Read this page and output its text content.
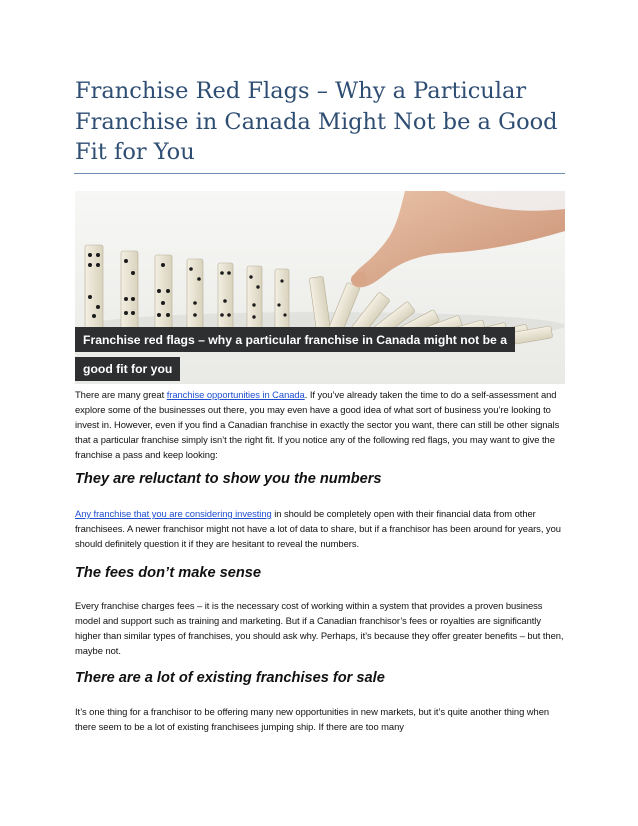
Franchise Red Flags – Why a Particular Franchise in Canada Might Not be a Good Fit for You
Franchise red flags – why a particular franchise in Canada might not be a
good fit for you

There are many great franchise opportunities in Canada. If you’ve already taken the time to do a self-assessment and explore some of the businesses out there, you may even have a good idea of what sort of business you’re looking to invest in. However, even if you find a Canadian franchise in exactly the sector you want, there can still be other signals that a particular franchise simply isn’t the right fit. If you notice any of the following red flags, you may want to give the franchise a pass and keep looking:

They are reluctant to show you the numbers

Any franchise that you are considering investing in should be completely open with their financial data from other franchisees. A newer franchisor might not have a lot of data to share, but if a franchisor has been around for years, you should definitely question it if they are hesitant to reveal the numbers.

The fees don’t make sense

Every franchise charges fees – it is the necessary cost of working within a system that provides a proven business model and support such as training and marketing. But if a Canadian franchisor’s fees or royalties are significantly higher than similar types of franchises, you should ask why. Perhaps, it’s because they offer greater benefits – but then, maybe not.

There are a lot of existing franchises for sale

It’s one thing for a franchisor to be offering many new opportunities in new markets, but it’s quite another thing when there seem to be a lot of existing franchisees jumping ship. If there are too many
